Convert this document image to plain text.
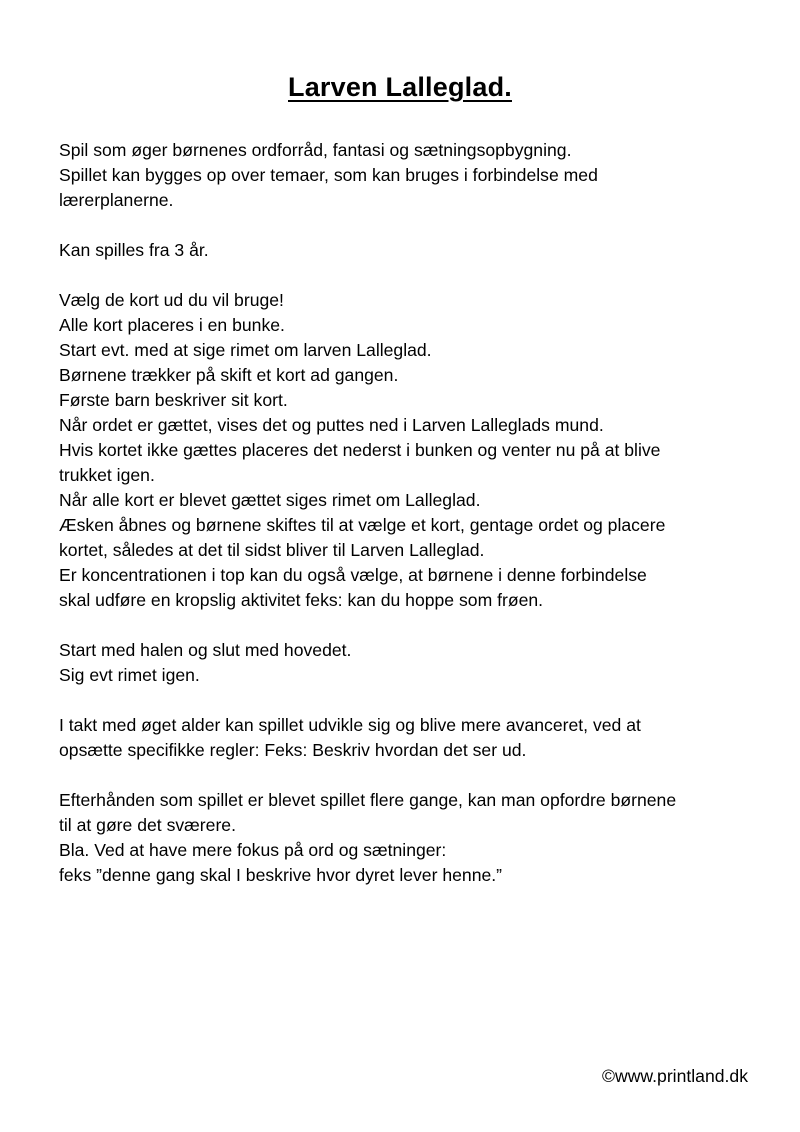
Larven Lalleglad.
Spil som øger børnenes ordforråd, fantasi og sætningsopbygning.
Spillet kan bygges op over temaer, som kan bruges i forbindelse med
lærerplanerne.
Kan spilles fra 3 år.
Vælg de kort ud du vil bruge!
Alle kort placeres i en bunke.
Start evt. med at sige rimet om larven Lalleglad.
Børnene trækker på skift et kort ad gangen.
Første barn beskriver sit kort.
Når ordet er gættet, vises det og puttes ned i Larven Lalleglads mund.
Hvis kortet ikke gættes placeres det nederst i bunken og venter nu på at blive
trukket igen.
Når alle kort er blevet gættet siges rimet om Lalleglad.
Æsken åbnes og børnene skiftes til at vælge et kort, gentage ordet og placere
kortet, således at det til sidst bliver til Larven Lalleglad.
Er koncentrationen i top kan du også vælge, at børnene i denne forbindelse
skal udføre en kropslig aktivitet feks: kan du hoppe som frøen.
Start med halen og slut med hovedet.
Sig evt rimet igen.
I takt med øget alder kan spillet udvikle sig og blive mere avanceret, ved at
opsætte specifikke regler: Feks: Beskriv hvordan det ser ud.
Efterhånden som spillet er blevet spillet flere gange, kan man opfordre børnene
til at gøre det sværere.
Bla. Ved at have mere fokus på ord og sætninger:
feks ”denne gang skal I beskrive hvor dyret lever henne.”
©www.printland.dk
